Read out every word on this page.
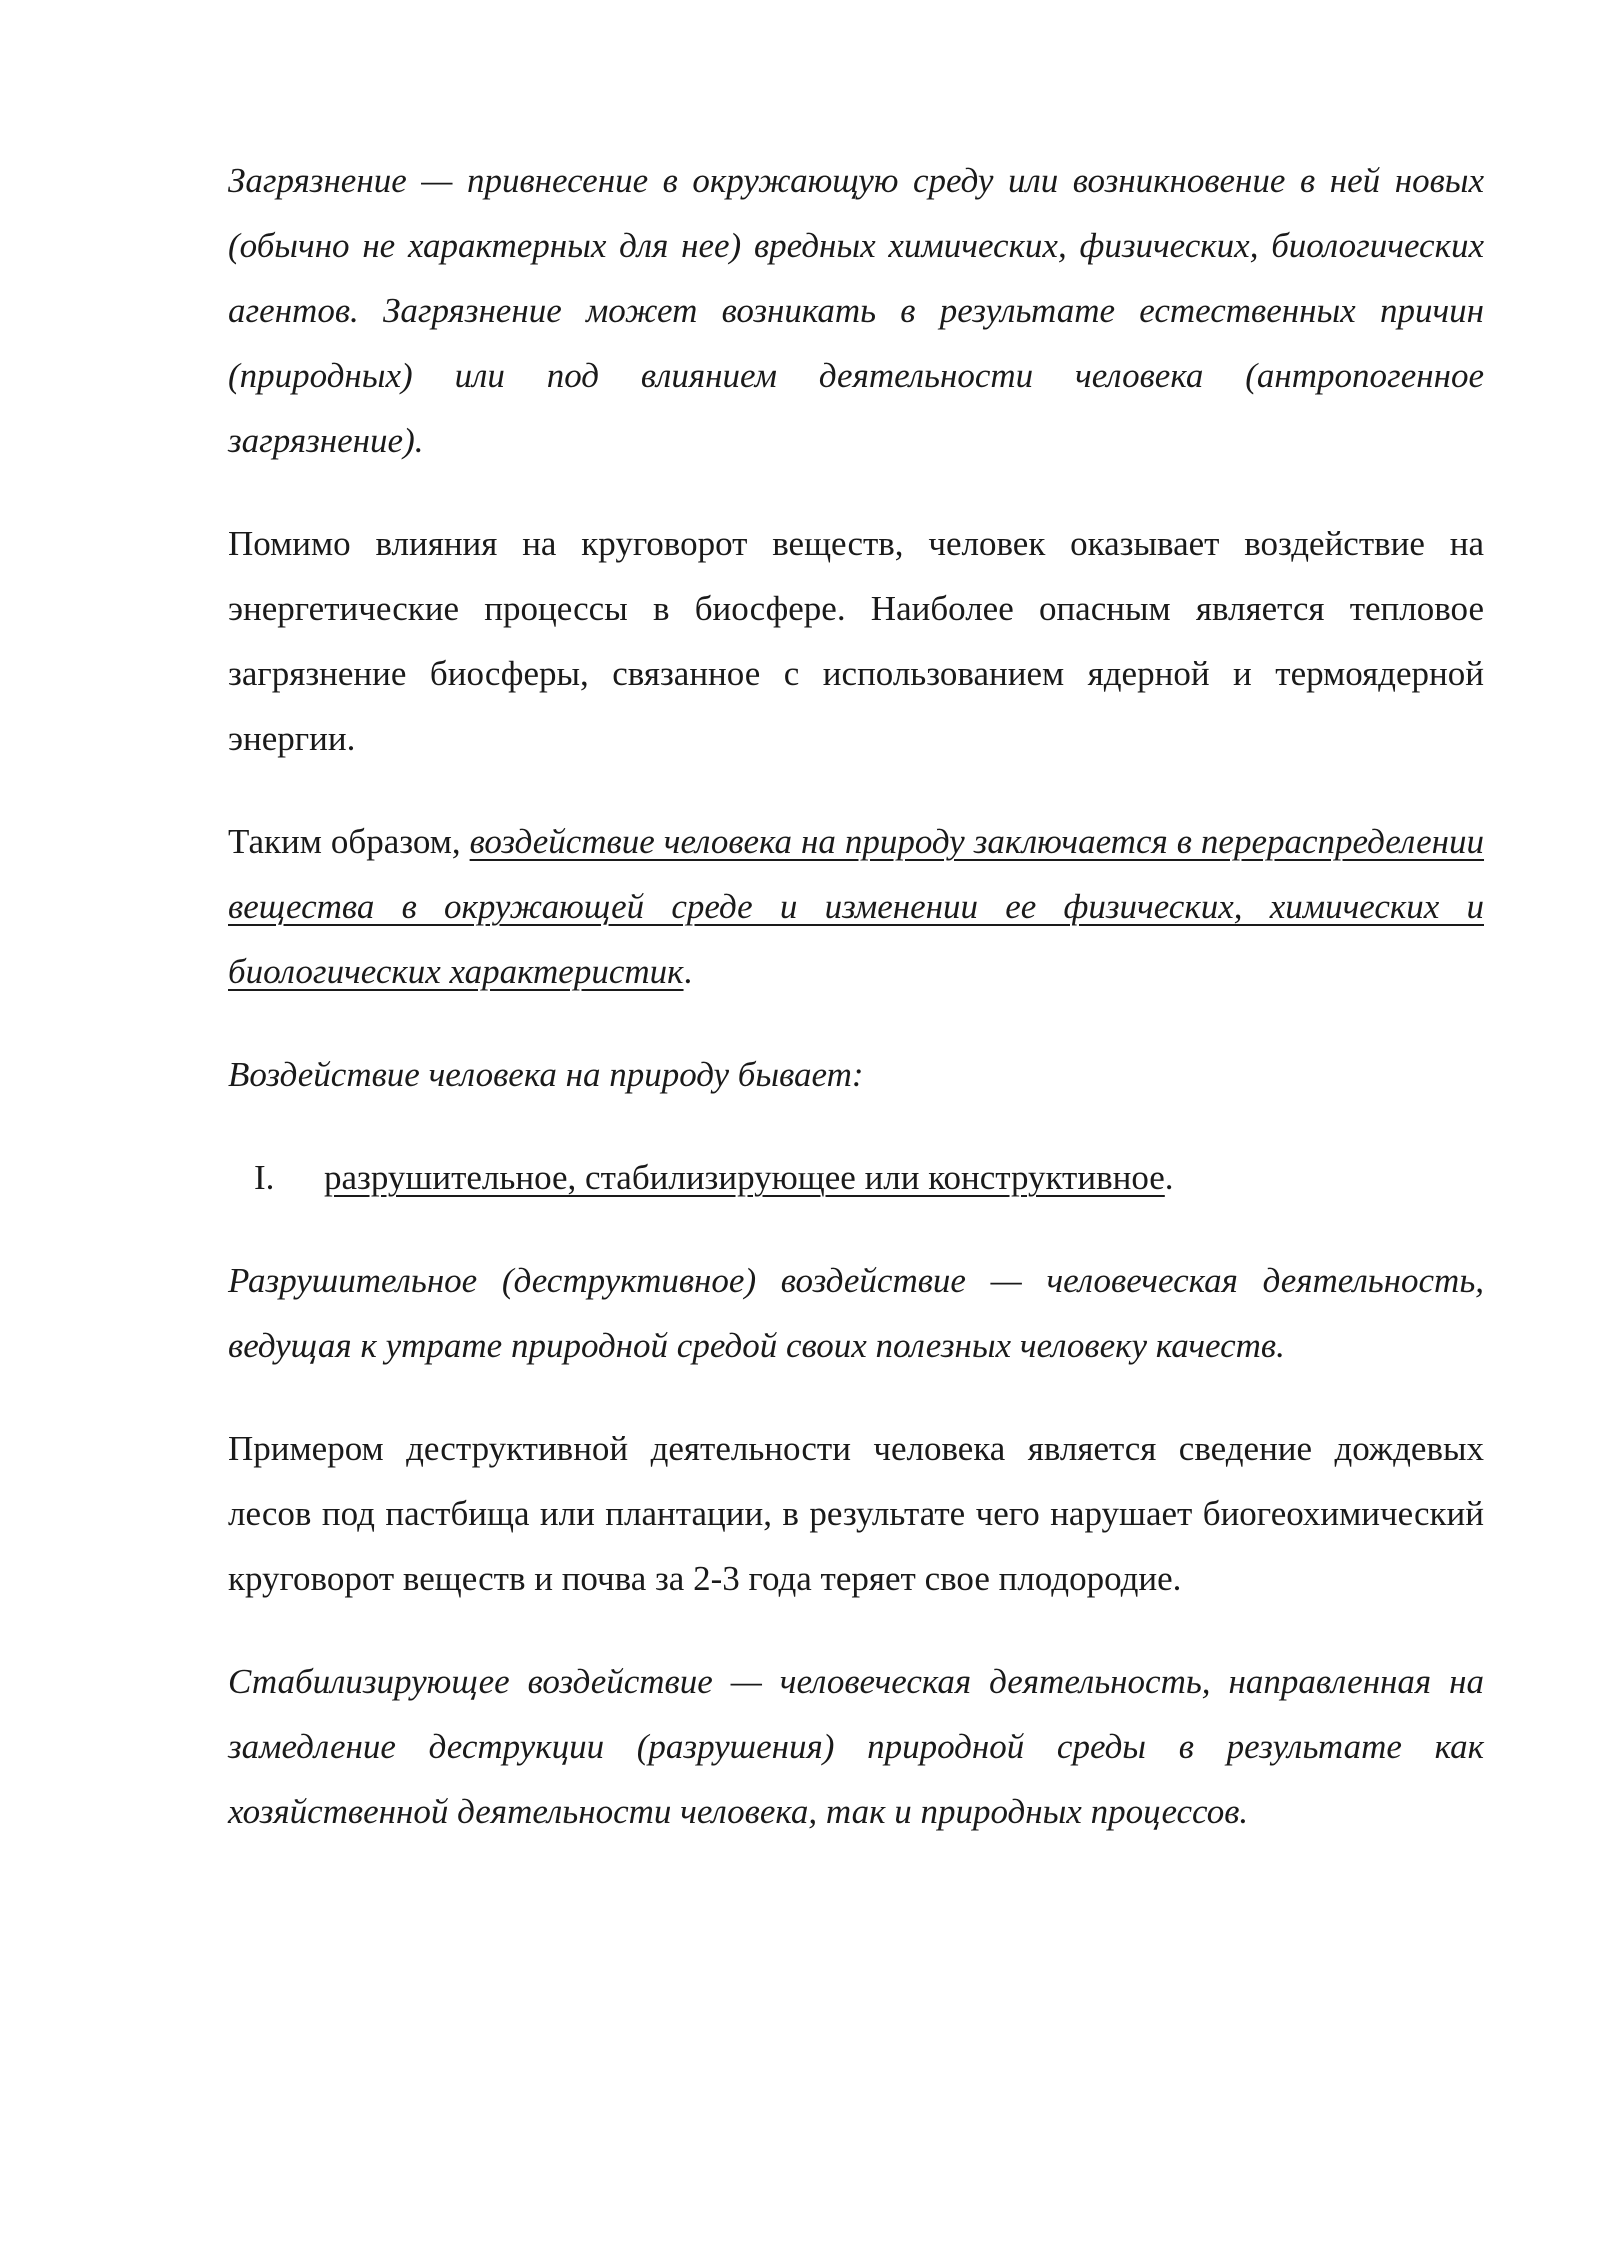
Загрязнение — привнесение в окружающую среду или возникновение в ней новых (обычно не характерных для нее) вредных химических, физических, биологических агентов. Загрязнение может возникать в результате естественных причин (природных) или под влиянием деятельности человека (антропогенное загрязнение).

Помимо влияния на круговорот веществ, человек оказывает воздействие на энергетические процессы в биосфере. Наиболее опасным является тепловое загрязнение биосферы, связанное с использованием ядерной и термоядерной энергии.

Таким образом, воздействие человека на природу заключается в перераспределении вещества в окружающей среде и изменении ее физических, химических и биологических характеристик.

Воздействие человека на природу бывает:

I. разрушительное, стабилизирующее или конструктивное.

Разрушительное (деструктивное) воздействие — человеческая деятельность, ведущая к утрате природной средой своих полезных человеку качеств.

Примером деструктивной деятельности человека является сведение дождевых лесов под пастбища или плантации, в результате чего нарушает биогеохимический круговорот веществ и почва за 2-3 года теряет свое плодородие.

Стабилизирующее воздействие — человеческая деятельность, направленная на замедление деструкции (разрушения) природной среды в результате как хозяйственной деятельности человека, так и природных процессов.
